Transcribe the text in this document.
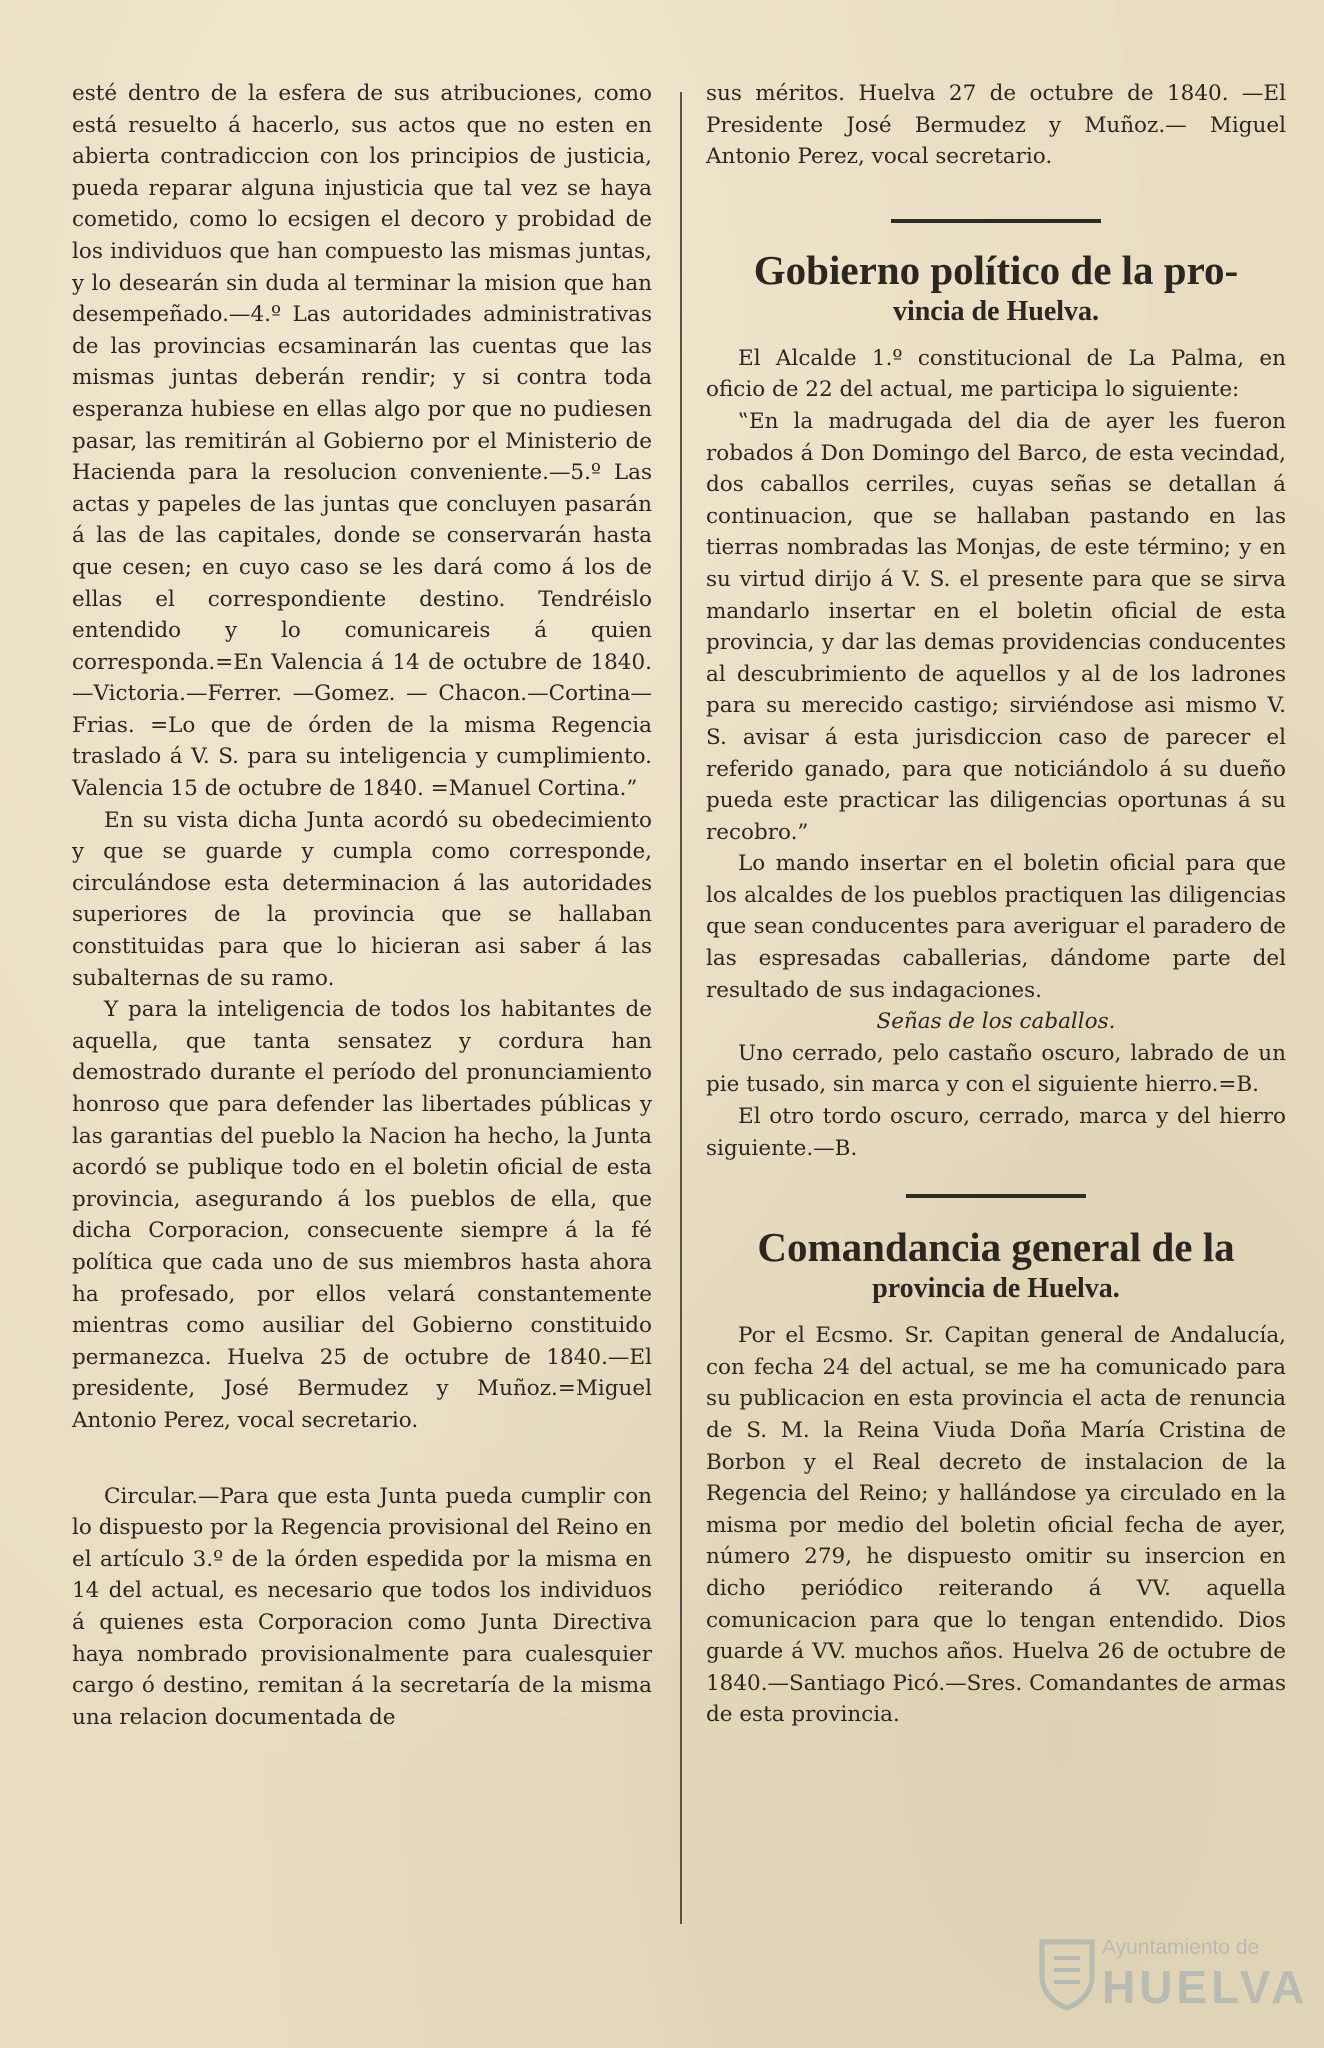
esté dentro de la esfera de sus atribuciones, como está resuelto á hacerlo, sus actos que no esten en abierta contradiccion con los principios de justicia, pueda reparar alguna injusticia que tal vez se haya cometido, como lo ecsigen el decoro y probidad de los individuos que han compuesto las mismas juntas, y lo desearán sin duda al terminar la mision que han desempeñado.—4.º Las autoridades administrativas de las provincias ecsaminarán las cuentas que las mismas juntas deberán rendir; y si contra toda esperanza hubiese en ellas algo por que no pudiesen pasar, las remitirán al Gobierno por el Ministerio de Hacienda para la resolucion conveniente.—5.º Las actas y papeles de las juntas que concluyen pasarán á las de las capitales, donde se conservarán hasta que cesen; en cuyo caso se les dará como á los de ellas el correspondiente destino. Tendréislo entendido y lo comunicareis á quien corresponda.=En Valencia á 14 de octubre de 1840.—Victoria.—Ferrer. —Gomez. — Chacon.—Cortina—Frias. =Lo que de órden de la misma Regencia traslado á V. S. para su inteligencia y cumplimiento. Valencia 15 de octubre de 1840. =Manuel Cortina.”

En su vista dicha Junta acordó su obedecimiento y que se guarde y cumpla como corresponde, circulándose esta determinacion á las autoridades superiores de la provincia que se hallaban constituidas para que lo hicieran asi saber á las subalternas de su ramo.

Y para la inteligencia de todos los habitantes de aquella, que tanta sensatez y cordura han demostrado durante el período del pronunciamiento honroso que para defender las libertades públicas y las garantias del pueblo la Nacion ha hecho, la Junta acordó se publique todo en el boletin oficial de esta provincia, asegurando á los pueblos de ella, que dicha Corporacion, consecuente siempre á la fé política que cada uno de sus miembros hasta ahora ha profesado, por ellos velará constantemente mientras como ausiliar del Gobierno constituido permanezca. Huelva 25 de octubre de 1840.—El presidente, José Bermudez y Muñoz.=Miguel Antonio Perez, vocal secretario.

Circular.—Para que esta Junta pueda cumplir con lo dispuesto por la Regencia provisional del Reino en el artículo 3.º de la órden espedida por la misma en 14 del actual, es necesario que todos los individuos á quienes esta Corporacion como Junta Directiva haya nombrado provisionalmente para cualesquier cargo ó destino, remitan á la secretaría de la misma una relacion documentada de

sus méritos. Huelva 27 de octubre de 1840. —El Presidente José Bermudez y Muñoz.— Miguel Antonio Perez, vocal secretario.

Gobierno político de la pro-
vincia de Huelva.

El Alcalde 1.º constitucional de La Palma, en oficio de 22 del actual, me participa lo siguiente:

‟En la madrugada del dia de ayer les fueron robados á Don Domingo del Barco, de esta vecindad, dos caballos cerriles, cuyas señas se detallan á continuacion, que se hallaban pastando en las tierras nombradas las Monjas, de este término; y en su virtud dirijo á V. S. el presente para que se sirva mandarlo insertar en el boletin oficial de esta provincia, y dar las demas providencias conducentes al descubrimiento de aquellos y al de los ladrones para su merecido castigo; sirviéndose asi mismo V. S. avisar á esta jurisdiccion caso de parecer el referido ganado, para que noticiándolo á su dueño pueda este practicar las diligencias oportunas á su recobro.”

Lo mando insertar en el boletin oficial para que los alcaldes de los pueblos practiquen las diligencias que sean conducentes para averiguar el paradero de las espresadas caballerias, dándome parte del resultado de sus indagaciones.

Señas de los caballos.

Uno cerrado, pelo castaño oscuro, labrado de un pie tusado, sin marca y con el siguiente hierro.=B.

El otro tordo oscuro, cerrado, marca y del hierro siguiente.—B.

Comandancia general de la
provincia de Huelva.

Por el Ecsmo. Sr. Capitan general de Andalucía, con fecha 24 del actual, se me ha comunicado para su publicacion en esta provincia el acta de renuncia de S. M. la Reina Viuda Doña María Cristina de Borbon y el Real decreto de instalacion de la Regencia del Reino; y hallándose ya circulado en la misma por medio del boletin oficial fecha de ayer, número 279, he dispuesto omitir su insercion en dicho periódico reiterando á VV. aquella comunicacion para que lo tengan entendido. Dios guarde á VV. muchos años. Huelva 26 de octubre de 1840.—Santiago Picó.—Sres. Comandantes de armas de esta provincia.

Ayuntamiento de
HUELVA
